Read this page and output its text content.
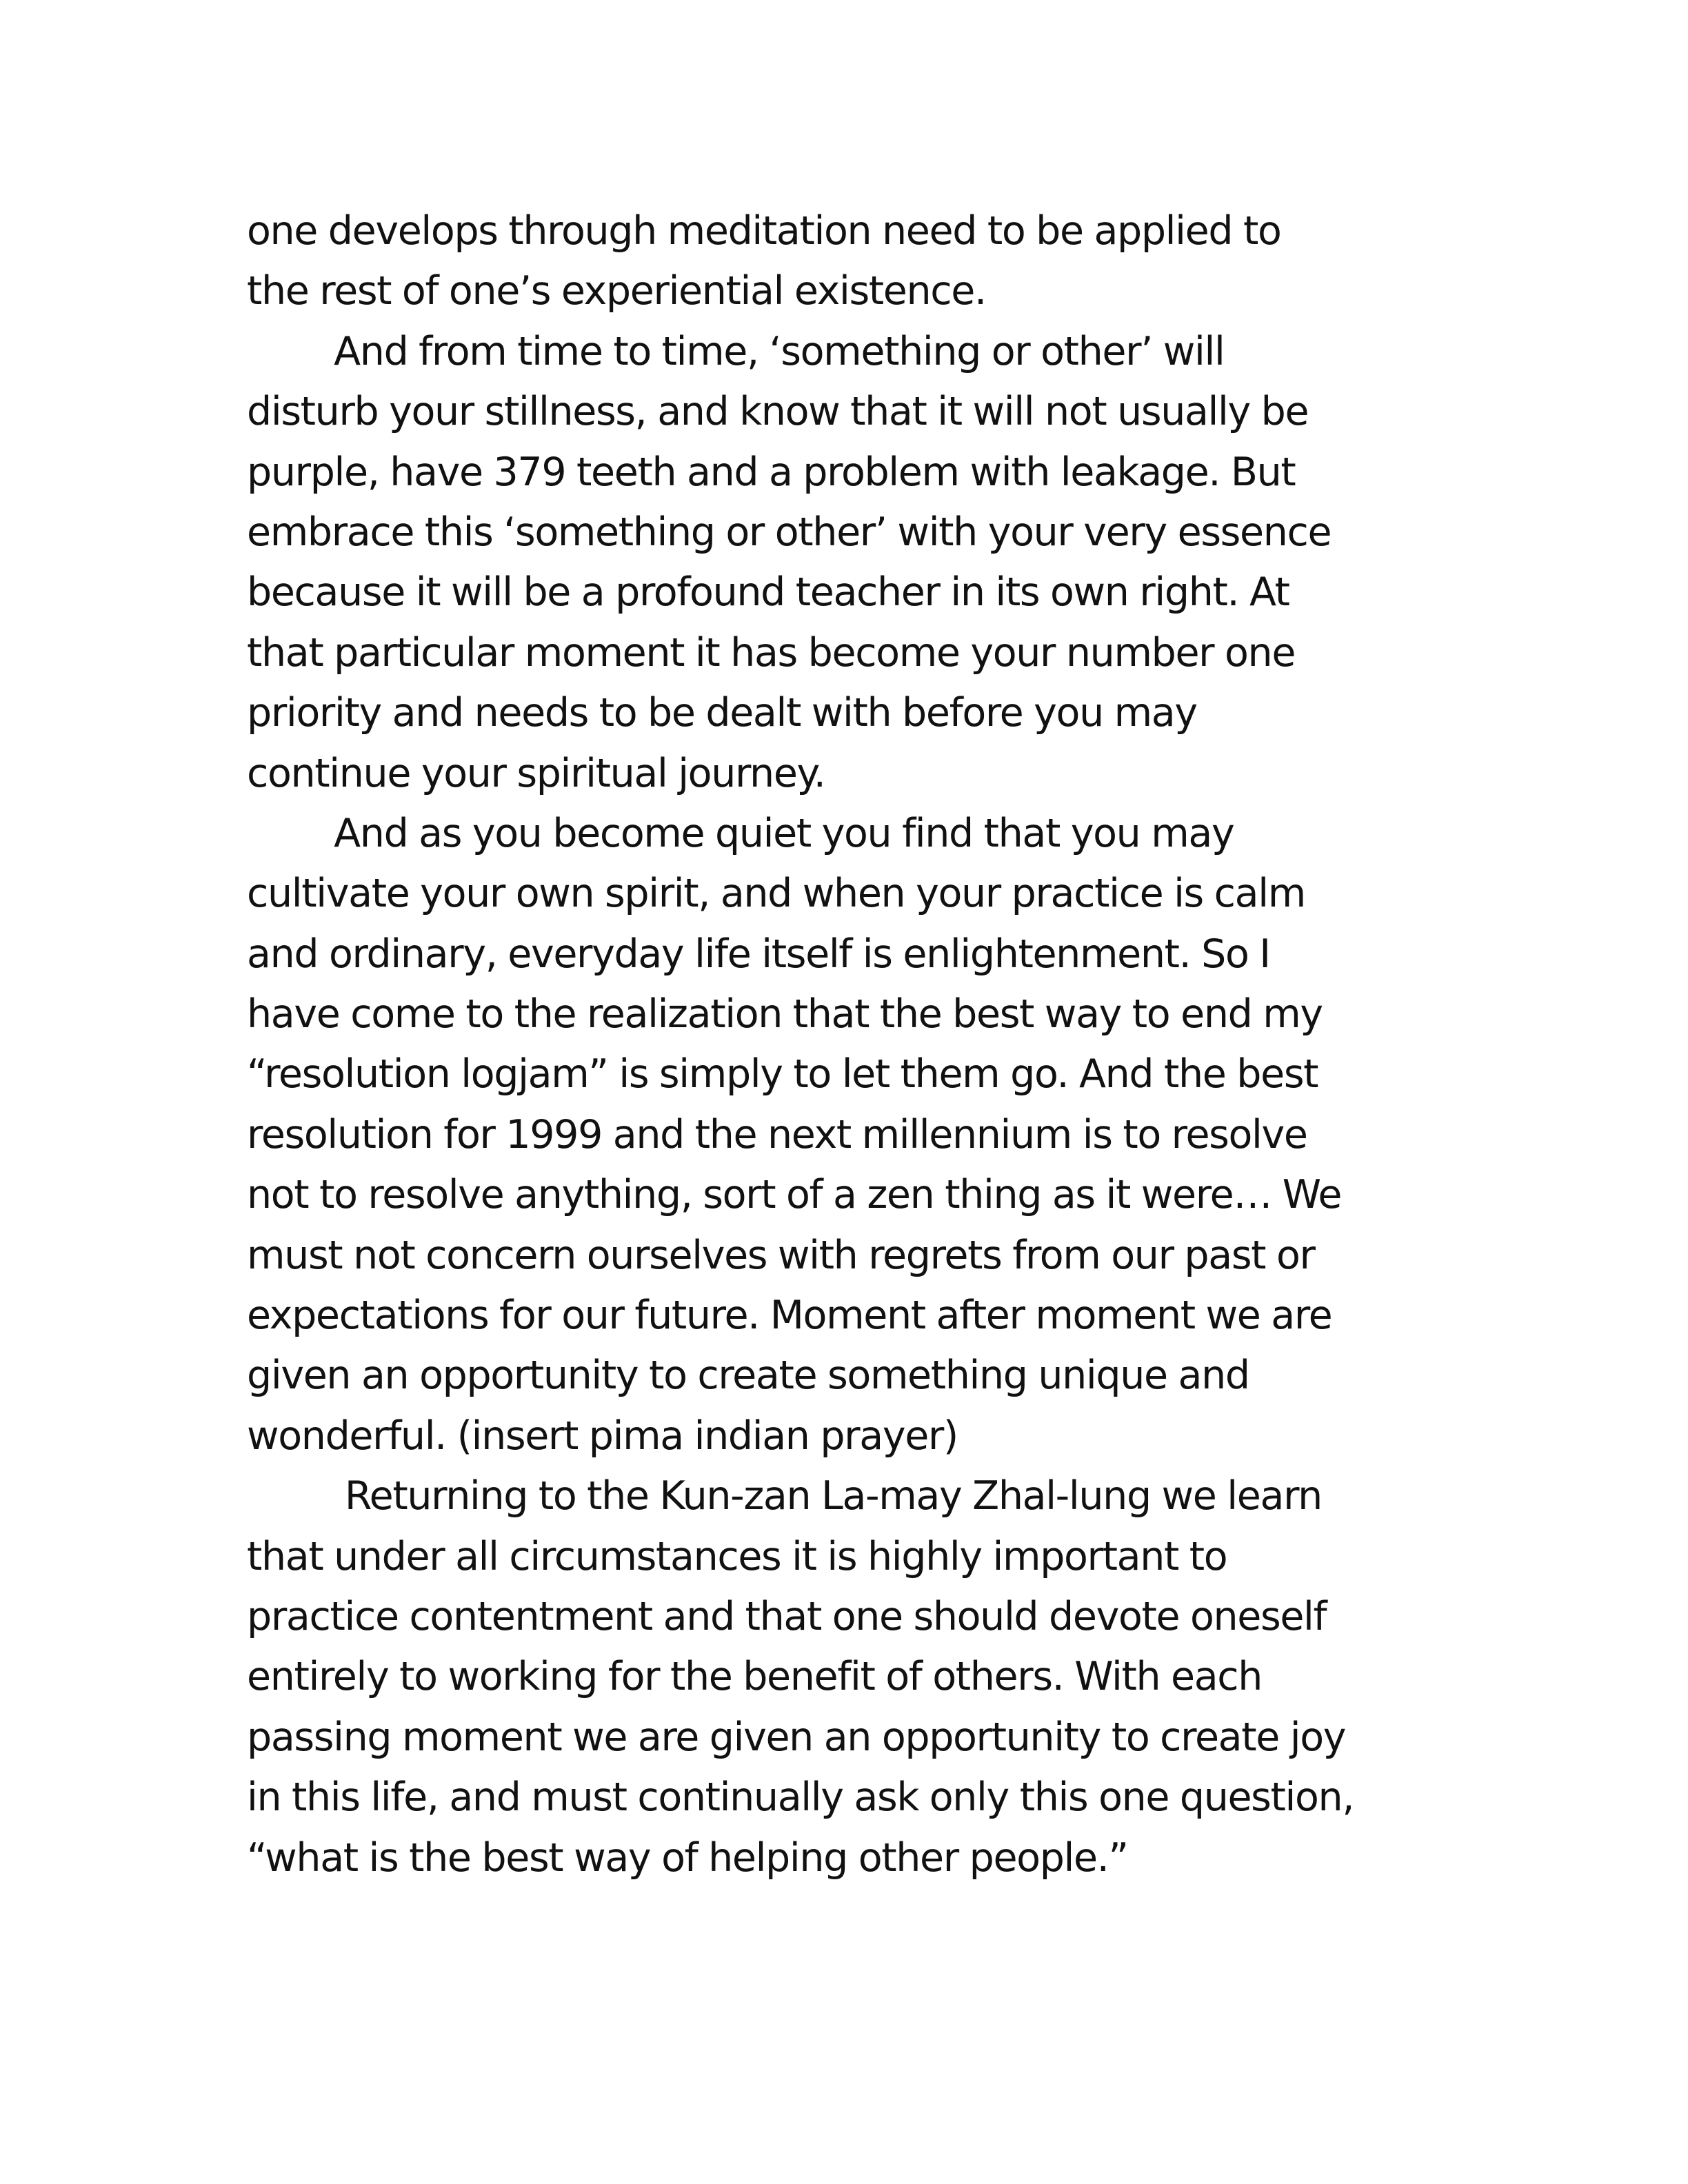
one develops through meditation need to be applied to
the rest of one’s experiential existence.
And from time to time, ‘something or other’ will
disturb your stillness, and know that it will not usually be
purple, have 379 teeth and a problem with leakage. But
embrace this ‘something or other’ with your very essence
because it will be a profound teacher in its own right. At
that particular moment it has become your number one
priority and needs to be dealt with before you may
continue your spiritual journey.
And as you become quiet you find that you may
cultivate your own spirit, and when your practice is calm
and ordinary, everyday life itself is enlightenment. So I
have come to the realization that the best way to end my
“resolution logjam” is simply to let them go. And the best
resolution for 1999 and the next millennium is to resolve
not to resolve anything, sort of a zen thing as it were… We
must not concern ourselves with regrets from our past or
expectations for our future. Moment after moment we are
given an opportunity to create something unique and
wonderful. (insert pima indian prayer)
Returning to the Kun-zan La-may Zhal-lung we learn
that under all circumstances it is highly important to
practice contentment and that one should devote oneself
entirely to working for the benefit of others. With each
passing moment we are given an opportunity to create joy
in this life, and must continually ask only this one question,
“what is the best way of helping other people.”
